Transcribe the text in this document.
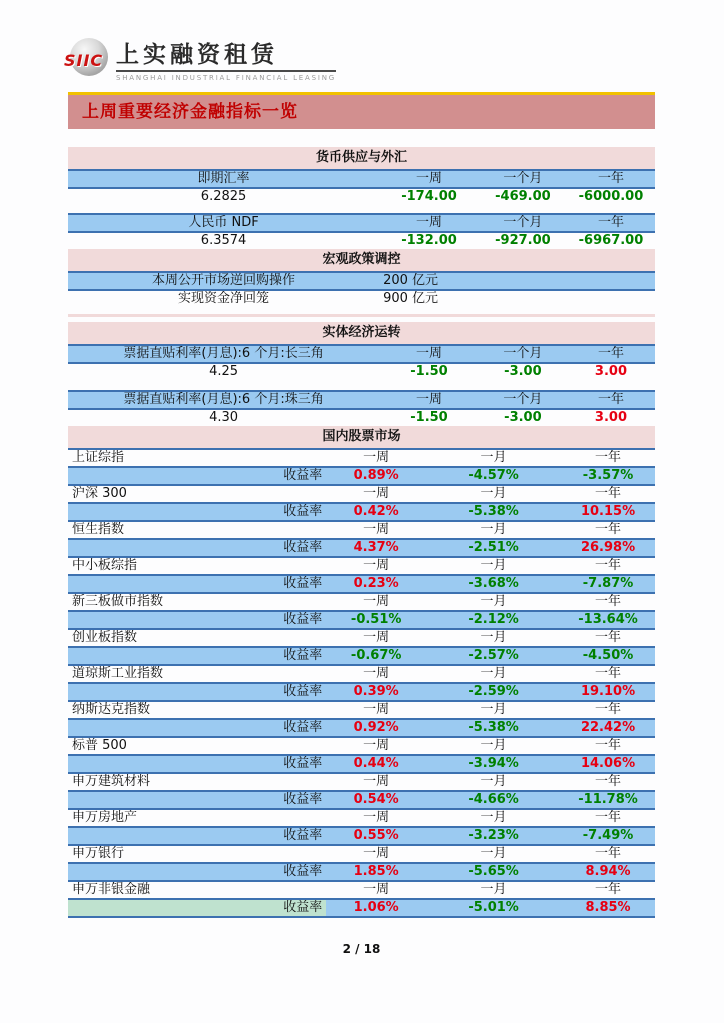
SIIC 上实融资租赁
SHANGHAI INDUSTRIAL FINANCIAL LEASING
上周重要经济金融指标一览
货币供应与外汇			
即期汇率	一周	一个月	一年
6.2825	-174.00	-469.00	-6000.00
人民币 NDF	一周	一个月	一年
6.3574	-132.00	-927.00	-6967.00
宏观政策调控	
本周公开市场逆回购操作	200 亿元
实现资金净回笼	900 亿元
实体经济运转			
票据直贴利率(月息):6 个月:长三角	一周	一个月	一年
4.25	-1.50	-3.00	3.00
票据直贴利率(月息):6 个月:珠三角	一周	一个月	一年
4.30	-1.50	-3.00	3.00
国内股票市场			
上证综指	一周	一月	一年
收益率	0.89%	-4.57%	-3.57%
沪深 300	一周	一月	一年
收益率	0.42%	-5.38%	10.15%
恒生指数	一周	一月	一年
收益率	4.37%	-2.51%	26.98%
中小板综指	一周	一月	一年
收益率	0.23%	-3.68%	-7.87%
新三板做市指数	一周	一月	一年
收益率	-0.51%	-2.12%	-13.64%
创业板指数	一周	一月	一年
收益率	-0.67%	-2.57%	-4.50%
道琼斯工业指数	一周	一月	一年
收益率	0.39%	-2.59%	19.10%
纳斯达克指数	一周	一月	一年
收益率	0.92%	-5.38%	22.42%
标普 500	一周	一月	一年
收益率	0.44%	-3.94%	14.06%
申万建筑材料	一周	一月	一年
收益率	0.54%	-4.66%	-11.78%
申万房地产	一周	一月	一年
收益率	0.55%	-3.23%	-7.49%
申万银行	一周	一月	一年
收益率	1.85%	-5.65%	8.94%
申万非银金融	一周	一月	一年
收益率	1.06%	-5.01%	8.85%
2 / 18
